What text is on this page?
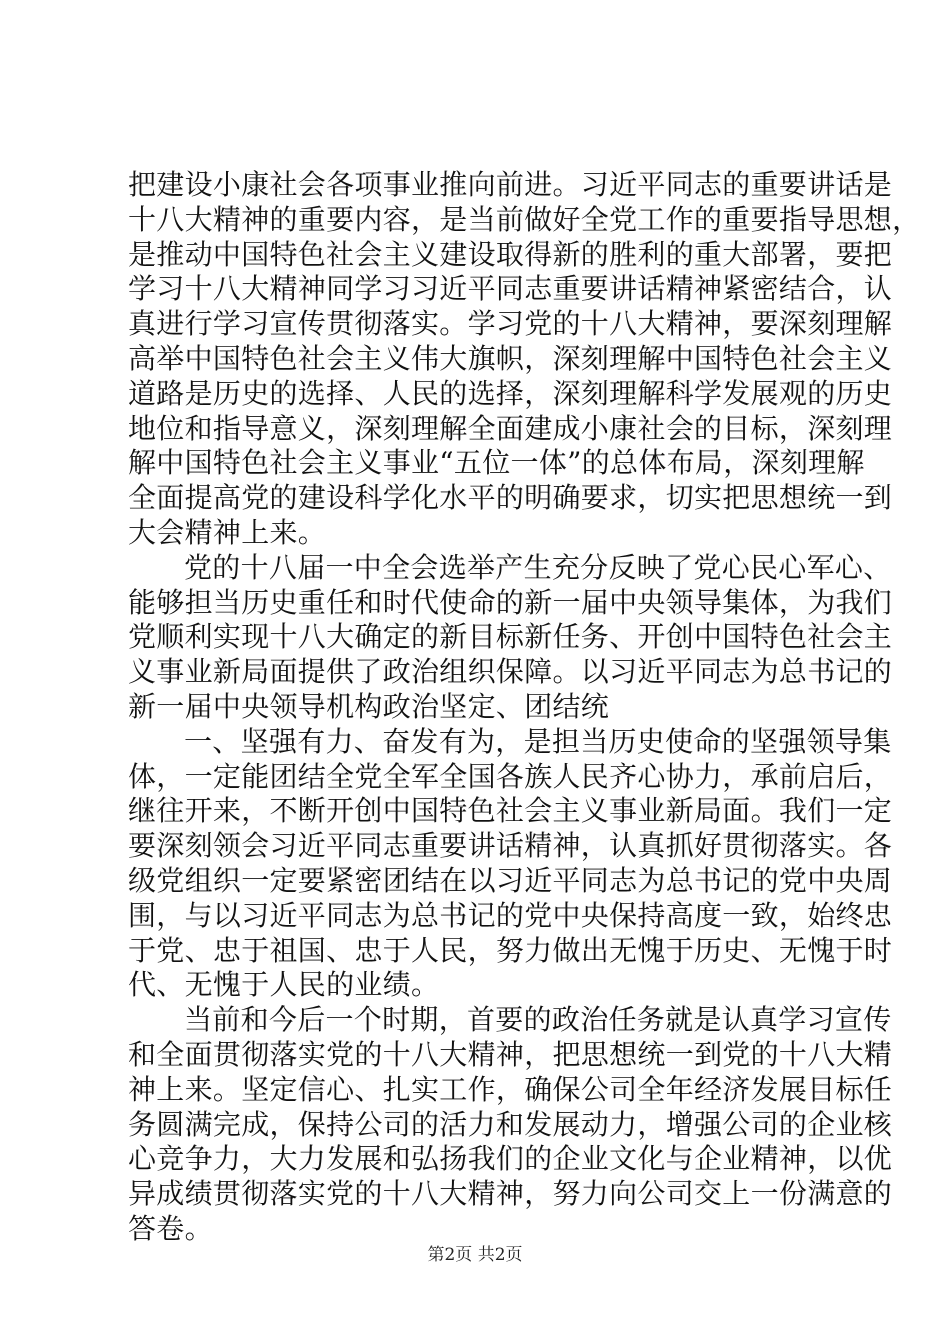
把建设小康社会各项事业推向前进。习近平同志的重要讲话是
十八大精神的重要内容，是当前做好全党工作的重要指导思想，
是推动中国特色社会主义建设取得新的胜利的重大部署，要把
学习十八大精神同学习习近平同志重要讲话精神紧密结合，认
真进行学习宣传贯彻落实。学习党的十八大精神，要深刻理解
高举中国特色社会主义伟大旗帜，深刻理解中国特色社会主义
道路是历史的选择、人民的选择，深刻理解科学发展观的历史
地位和指导意义，深刻理解全面建成小康社会的目标，深刻理
解中国特色社会主义事业“五位一体”的总体布局，深刻理解
全面提高党的建设科学化水平的明确要求，切实把思想统一到
大会精神上来。
党的十八届一中全会选举产生充分反映了党心民心军心、
能够担当历史重任和时代使命的新一届中央领导集体，为我们
党顺利实现十八大确定的新目标新任务、开创中国特色社会主
义事业新局面提供了政治组织保障。以习近平同志为总书记的
新一届中央领导机构政治坚定、团结统
一、坚强有力、奋发有为，是担当历史使命的坚强领导集
体，一定能团结全党全军全国各族人民齐心协力，承前启后，
继往开来，不断开创中国特色社会主义事业新局面。我们一定
要深刻领会习近平同志重要讲话精神，认真抓好贯彻落实。各
级党组织一定要紧密团结在以习近平同志为总书记的党中央周
围，与以习近平同志为总书记的党中央保持高度一致，始终忠
于党、忠于祖国、忠于人民，努力做出无愧于历史、无愧于时
代、无愧于人民的业绩。
当前和今后一个时期，首要的政治任务就是认真学习宣传
和全面贯彻落实党的十八大精神，把思想统一到党的十八大精
神上来。坚定信心、扎实工作，确保公司全年经济发展目标任
务圆满完成，保持公司的活力和发展动力，增强公司的企业核
心竞争力，大力发展和弘扬我们的企业文化与企业精神，以优
异成绩贯彻落实党的十八大精神，努力向公司交上一份满意的
答卷。
第2页 共2页
